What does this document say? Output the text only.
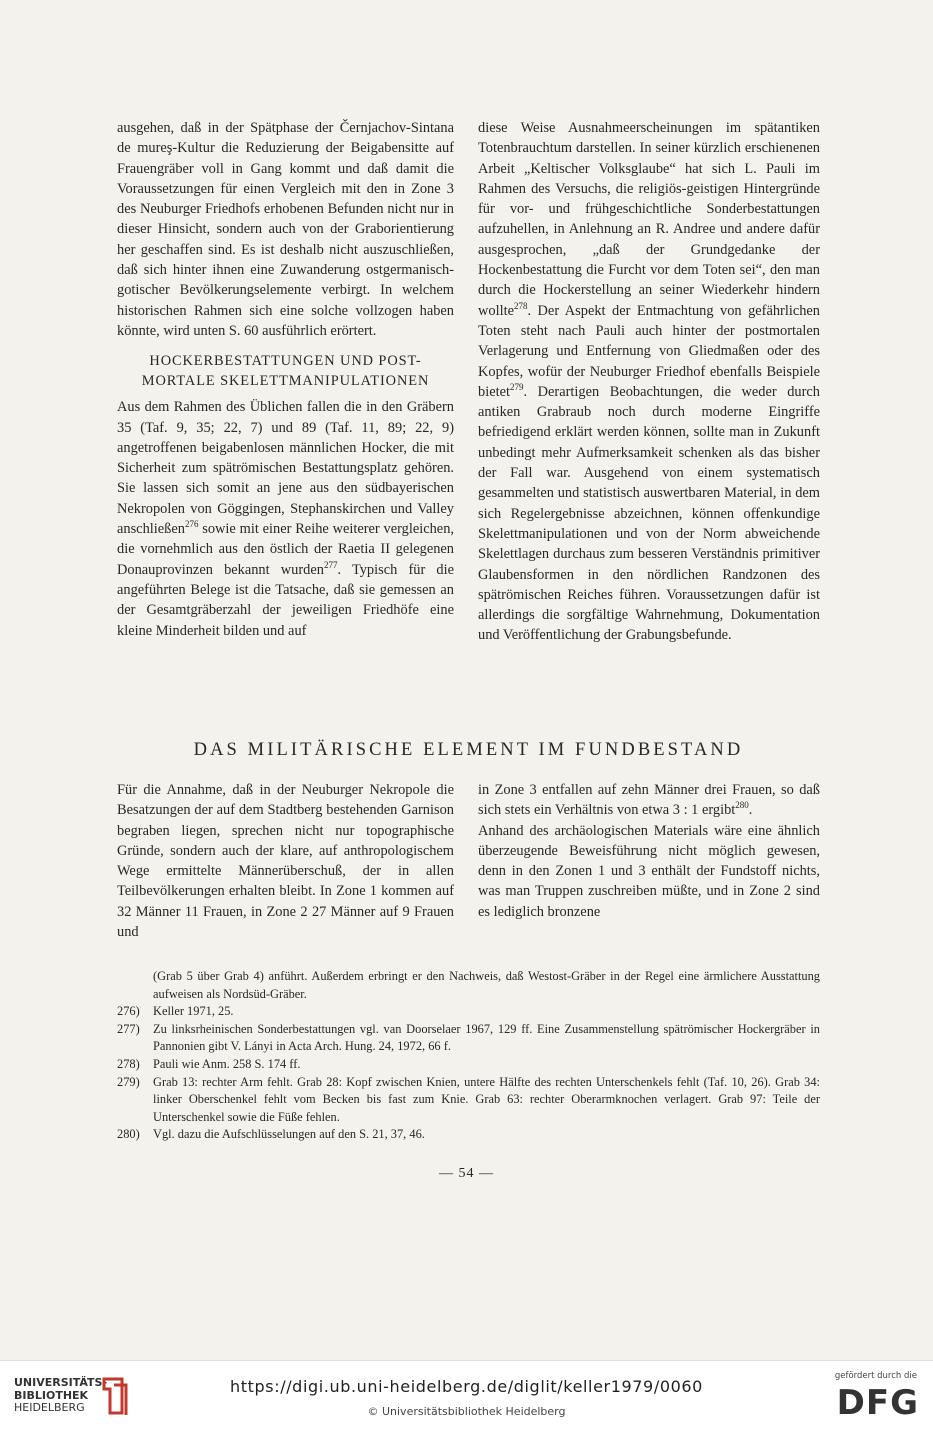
ausgehen, daß in der Spätphase der Černjachov-Sintana de mureş-Kultur die Reduzierung der Beigabensitte auf Frauengräber voll in Gang kommt und daß damit die Voraussetzungen für einen Vergleich mit den in Zone 3 des Neuburger Friedhofs erhobenen Befunden nicht nur in dieser Hinsicht, sondern auch von der Graborientierung her geschaffen sind. Es ist deshalb nicht auszuschließen, daß sich hinter ihnen eine Zuwanderung ostgermanisch-gotischer Bevölkerungselemente verbirgt. In welchem historischen Rahmen sich eine solche vollzogen haben könnte, wird unten S. 60 ausführlich erörtert.

HOCKERBESTATTUNGEN UND POST-MORTALE SKELETTMANIPULATIONEN

Aus dem Rahmen des Üblichen fallen die in den Gräbern 35 (Taf. 9, 35; 22, 7) und 89 (Taf. 11, 89; 22, 9) angetroffenen beigabenlosen männlichen Hocker, die mit Sicherheit zum spätrömischen Bestattungsplatz gehören. Sie lassen sich somit an jene aus den südbayerischen Nekropolen von Göggingen, Stephanskirchen und Valley anschließen$^{276}$ sowie mit einer Reihe weiterer vergleichen, die vornehmlich aus den östlich der Raetia II gelegenen Donauprovinzen bekannt wurden$^{277}$. Typisch für die angeführten Belege ist die Tatsache, daß sie gemessen an der Gesamtgräberzahl der jeweiligen Friedhöfe eine kleine Minderheit bilden und auf

diese Weise Ausnahmeerscheinungen im spätantiken Totenbrauchtum darstellen. In seiner kürzlich erschienenen Arbeit „Keltischer Volksglaube“ hat sich L. Pauli im Rahmen des Versuchs, die religiös-geistigen Hintergründe für vor- und frühgeschichtliche Sonderbestattungen aufzuhellen, in Anlehnung an R. Andree und andere dafür ausgesprochen, „daß der Grundgedanke der Hockenbestattung die Furcht vor dem Toten sei“, den man durch die Hockerstellung an seiner Wiederkehr hindern wollte$^{278}$. Der Aspekt der Entmachtung von gefährlichen Toten steht nach Pauli auch hinter der postmortalen Verlagerung und Entfernung von Gliedmaßen oder des Kopfes, wofür der Neuburger Friedhof ebenfalls Beispiele bietet$^{279}$. Derartigen Beobachtungen, die weder durch antiken Grabraub noch durch moderne Eingriffe befriedigend erklärt werden können, sollte man in Zukunft unbedingt mehr Aufmerksamkeit schenken als das bisher der Fall war. Ausgehend von einem systematisch gesammelten und statistisch auswertbaren Material, in dem sich Regelergebnisse abzeichnen, können offenkundige Skelettmanipulationen und von der Norm abweichende Skelettlagen durchaus zum besseren Verständnis primitiver Glaubensformen in den nördlichen Randzonen des spätrömischen Reiches führen. Voraussetzungen dafür ist allerdings die sorgfältige Wahrnehmung, Dokumentation und Veröffentlichung der Grabungsbefunde.

DAS MILITÄRISCHE ELEMENT IM FUNDBESTAND

Für die Annahme, daß in der Neuburger Nekropole die Besatzungen der auf dem Stadtberg bestehenden Garnison begraben liegen, sprechen nicht nur topographische Gründe, sondern auch der klare, auf anthropologischem Wege ermittelte Männerüberschuß, der in allen Teilbevölkerungen erhalten bleibt. In Zone 1 kommen auf 32 Männer 11 Frauen, in Zone 2 27 Männer auf 9 Frauen und

in Zone 3 entfallen auf zehn Männer drei Frauen, so daß sich stets ein Verhältnis von etwa 3 : 1 ergibt$^{280}$.

Anhand des archäologischen Materials wäre eine ähnlich überzeugende Beweisführung nicht möglich gewesen, denn in den Zonen 1 und 3 enthält der Fundstoff nichts, was man Truppen zuschreiben müßte, und in Zone 2 sind es lediglich bronzene

(Grab 5 über Grab 4) anführt. Außerdem erbringt er den Nachweis, daß Westost-Gräber in der Regel eine ärmlichere Ausstattung aufweisen als Nordsüd-Gräber.
276)	Keller 1971, 25.
277)	Zu linksrheinischen Sonderbestattungen vgl. van Doorselaer 1967, 129 ff. Eine Zusammenstellung spätrömischer Hockergräber in Pannonien gibt V. Lányi in Acta Arch. Hung. 24, 1972, 66 f.
278)	Pauli wie Anm. 258 S. 174 ff.
279)	Grab 13: rechter Arm fehlt. Grab 28: Kopf zwischen Knien, untere Hälfte des rechten Unterschenkels fehlt (Taf. 10, 26). Grab 34: linker Oberschenkel fehlt vom Becken bis fast zum Knie. Grab 63: rechter Oberarmknochen verlagert. Grab 97: Teile der Unterschenkel sowie die Füße fehlen.
280)	Vgl. dazu die Aufschlüsselungen auf den S. 21, 37, 46.
— 54 —
UNIVERSITÄTS-
BIBLIOTHEK
HEIDELBERG
https://digi.ub.uni-heidelberg.de/diglit/keller1979/0060
© Universitätsbibliothek Heidelberg
gefördert durch die
DFG
